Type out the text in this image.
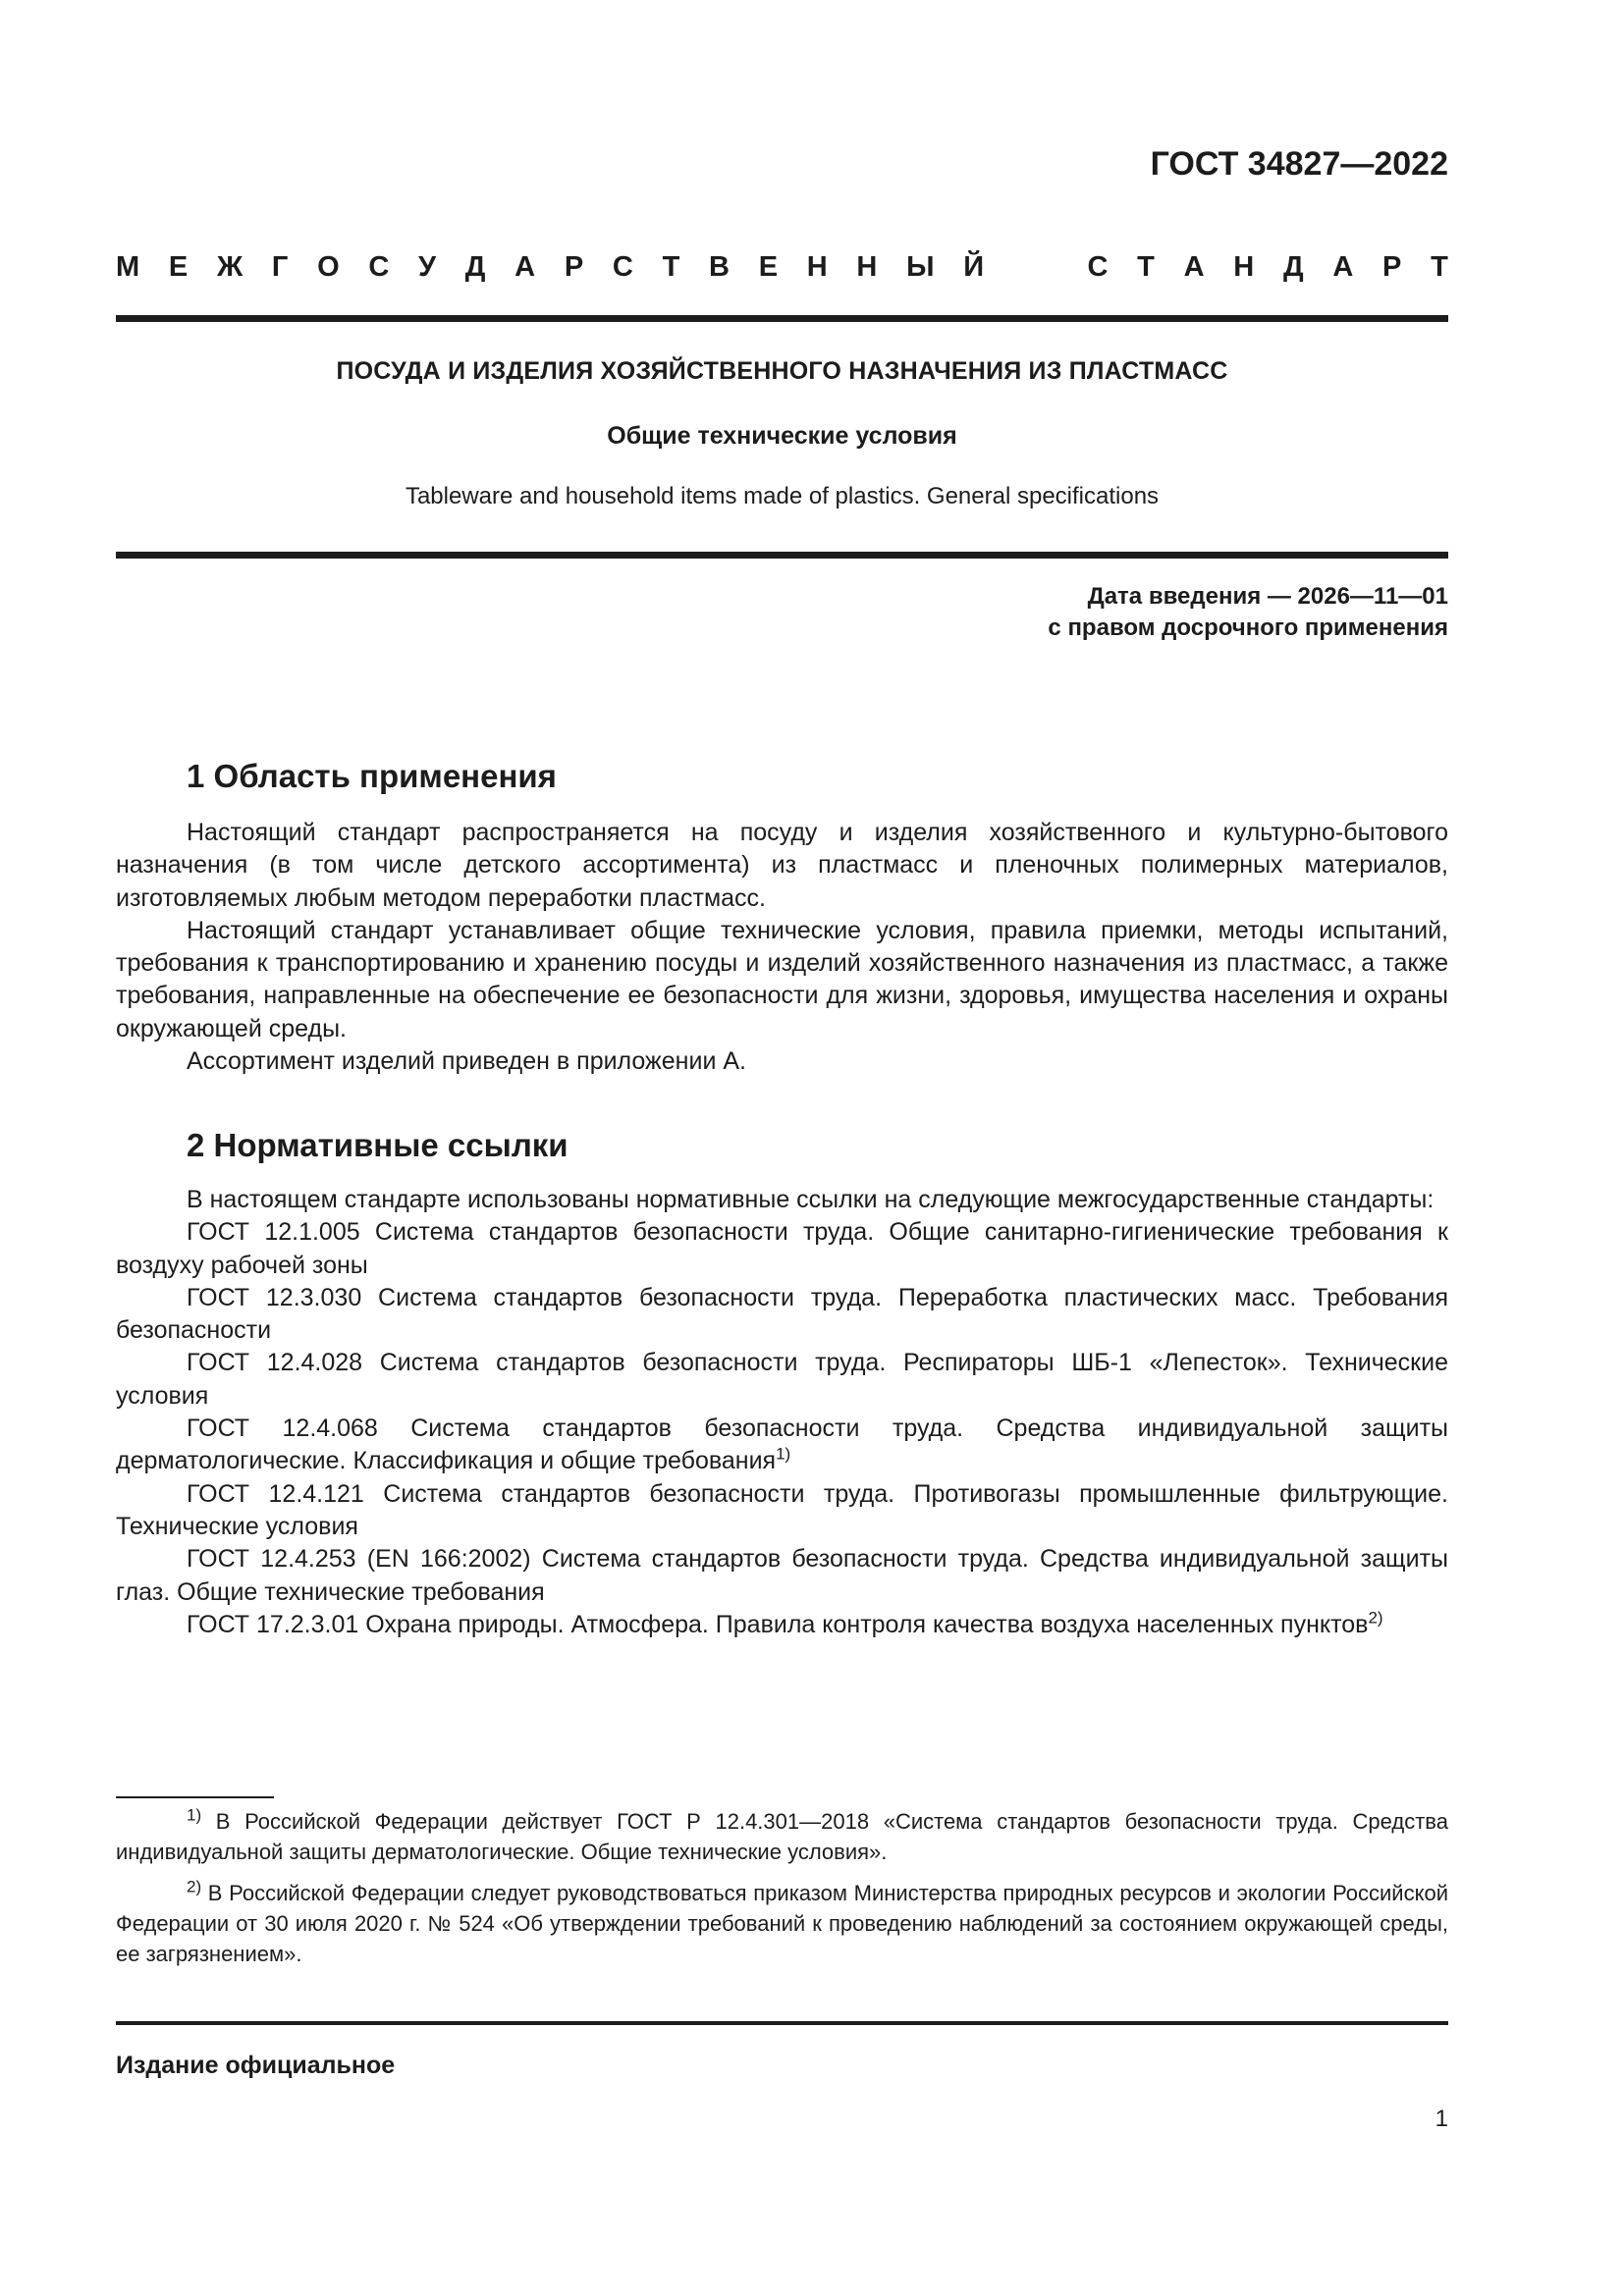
ГОСТ 34827—2022
М Е Ж Г О С У Д А Р С Т В Е Н Н Ы Й	С Т А Н Д А Р Т
ПОСУДА И ИЗДЕЛИЯ ХОЗЯЙСТВЕННОГО НАЗНАЧЕНИЯ ИЗ ПЛАСТМАСС
Общие технические условия
Tableware and household items made of plastics. General specifications
Дата введения — 2026—11—01
с правом досрочного применения
1 Область применения

Настоящий стандарт распространяется на посуду и изделия хозяйственного и культурно-бытового назначения (в том числе детского ассортимента) из пластмасс и пленочных полимерных материалов, изготовляемых любым методом переработки пластмасс.

Настоящий стандарт устанавливает общие технические условия, правила приемки, методы испытаний, требования к транспортированию и хранению посуды и изделий хозяйственного назначения из пластмасс, а также требования, направленные на обеспечение ее безопасности для жизни, здоровья, имущества населения и охраны окружающей среды.

Ассортимент изделий приведен в приложении А.

2 Нормативные ссылки

В настоящем стандарте использованы нормативные ссылки на следующие межгосударственные стандарты:

ГОСТ 12.1.005 Система стандартов безопасности труда. Общие санитарно-гигиенические требования к воздуху рабочей зоны

ГОСТ 12.3.030 Система стандартов безопасности труда. Переработка пластических масс. Требования безопасности

ГОСТ 12.4.028 Система стандартов безопасности труда. Респираторы ШБ-1 «Лепесток». Технические условия

ГОСТ 12.4.068 Система стандартов безопасности труда. Средства индивидуальной защиты дерматологические. Классификация и общие требования$^{1)}$

ГОСТ 12.4.121 Система стандартов безопасности труда. Противогазы промышленные фильтрующие. Технические условия

ГОСТ 12.4.253 (EN 166:2002) Система стандартов безопасности труда. Средства индивидуальной защиты глаз. Общие технические требования

ГОСТ 17.2.3.01 Охрана природы. Атмосфера. Правила контроля качества воздуха населенных пунктов$^{2)}$

$^{1)}$ В Российской Федерации действует ГОСТ Р 12.4.301—2018 «Система стандартов безопасности труда. Средства индивидуальной защиты дерматологические. Общие технические условия».

$^{2)}$ В Российской Федерации следует руководствоваться приказом Министерства природных ресурсов и экологии Российской Федерации от 30 июля 2020 г. № 524 «Об утверждении требований к проведению наблюдений за состоянием окружающей среды, ее загрязнением».

Издание официальное
1
